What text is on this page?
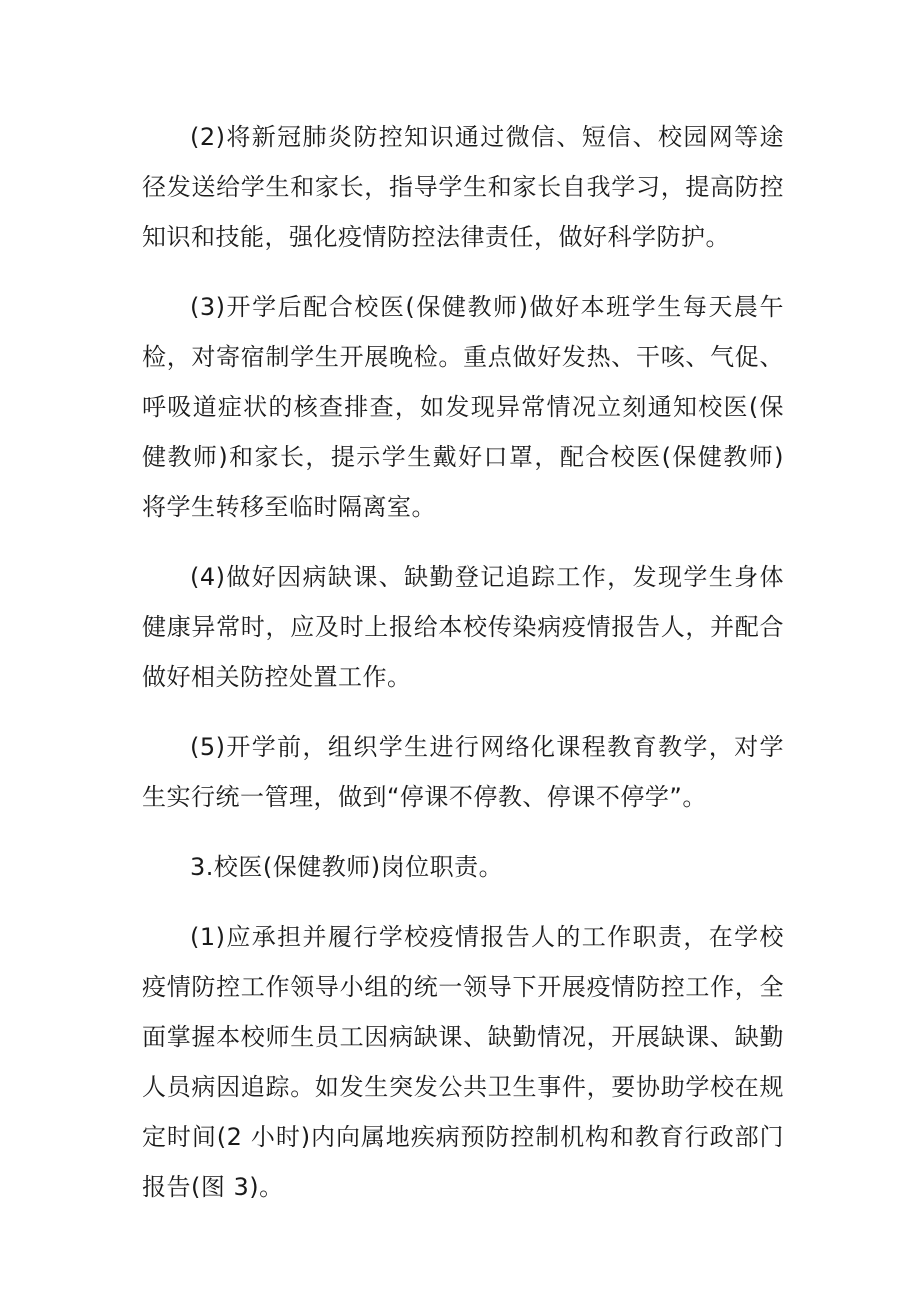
(2)将新冠肺炎防控知识通过微信、短信、校园网等途径发送给学生和家长，指导学生和家长自我学习，提高防控知识和技能，强化疫情防控法律责任，做好科学防护。

(3)开学后配合校医(保健教师)做好本班学生每天晨午检，对寄宿制学生开展晚检。重点做好发热、干咳、气促、呼吸道症状的核查排查，如发现异常情况立刻通知校医(保健教师)和家长，提示学生戴好口罩，配合校医(保健教师)将学生转移至临时隔离室。

(4)做好因病缺课、缺勤登记追踪工作，发现学生身体健康异常时，应及时上报给本校传染病疫情报告人，并配合做好相关防控处置工作。

(5)开学前，组织学生进行网络化课程教育教学，对学生实行统一管理，做到“停课不停教、停课不停学”。

3.校医(保健教师)岗位职责。

(1)应承担并履行学校疫情报告人的工作职责，在学校疫情防控工作领导小组的统一领导下开展疫情防控工作，全面掌握本校师生员工因病缺课、缺勤情况，开展缺课、缺勤人员病因追踪。如发生突发公共卫生事件，要协助学校在规定时间(2 小时)内向属地疾病预防控制机构和教育行政部门报告(图 3)。
